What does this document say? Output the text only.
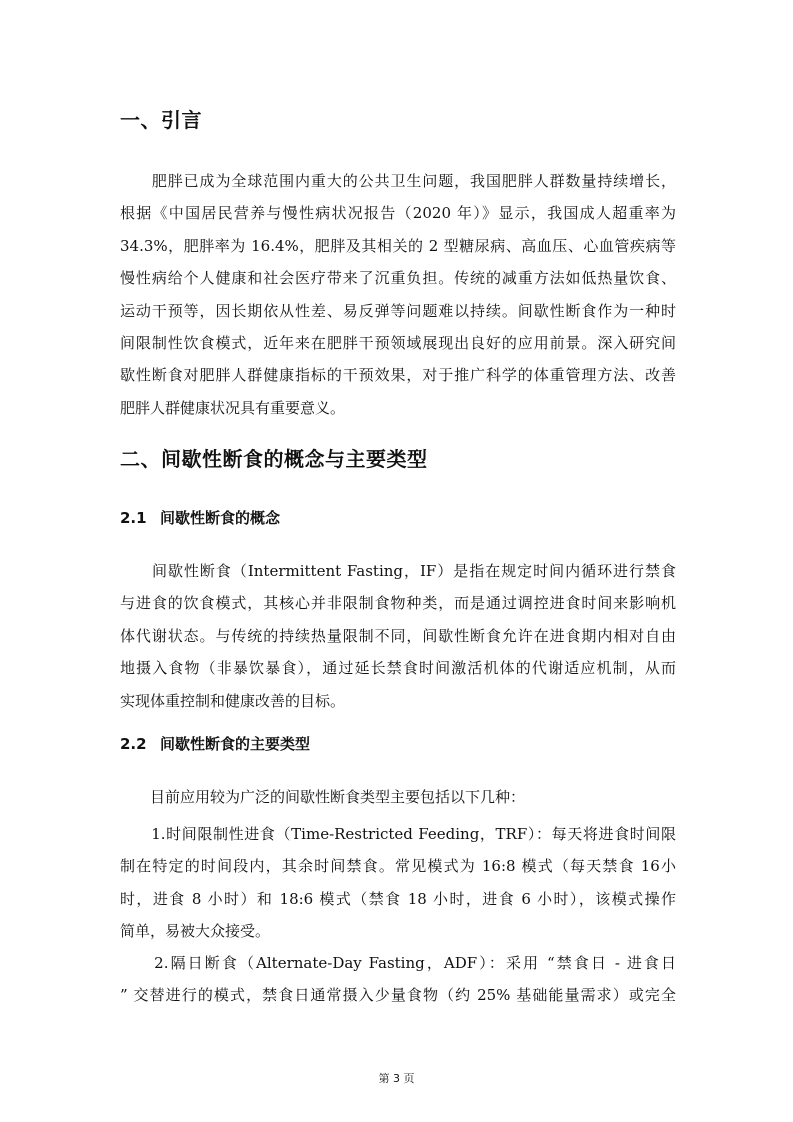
一、引言
　　肥胖已成为全球范围内重大的公共卫生问题，我国肥胖人群数量持续增长，
根据《中国居民营养与慢性病状况报告（2020 年）》显示，我国成人超重率为
34.3%，肥胖率为 16.4%，肥胖及其相关的 2 型糖尿病、高血压、心血管疾病等
慢性病给个人健康和社会医疗带来了沉重负担。传统的减重方法如低热量饮食、
运动干预等，因长期依从性差、易反弹等问题难以持续。间歇性断食作为一种时
间限制性饮食模式，近年来在肥胖干预领域展现出良好的应用前景。深入研究间
歇性断食对肥胖人群健康指标的干预效果，对于推广科学的体重管理方法、改善
肥胖人群健康状况具有重要意义。
二、间歇性断食的概念与主要类型
2.1 间歇性断食的概念
　　间歇性断食（Intermittent Fasting，IF）是指在规定时间内循环进行禁食
与进食的饮食模式，其核心并非限制食物种类，而是通过调控进食时间来影响机
体代谢状态。与传统的持续热量限制不同，间歇性断食允许在进食期内相对自由
地摄入食物（非暴饮暴食），通过延长禁食时间激活机体的代谢适应机制，从而
实现体重控制和健康改善的目标。
2.2 间歇性断食的主要类型
　　目前应用较为广泛的间歇性断食类型主要包括以下几种：
　　1.时间限制性进食（Time-Restricted Feeding，TRF）：每天将进食时间限
制在特定的时间段内，其余时间禁食。常见模式为 16:8 模式（每天禁食 16小
时，进食 8 小时）和 18:6 模式（禁食 18 小时，进食 6 小时），该模式操作
简单，易被大众接受。
　　2.隔日断食（Alternate-Day Fasting，ADF）：采用 “禁食日 - 进食日
” 交替进行的模式，禁食日通常摄入少量食物（约 25% 基础能量需求）或完全
第 3 页
